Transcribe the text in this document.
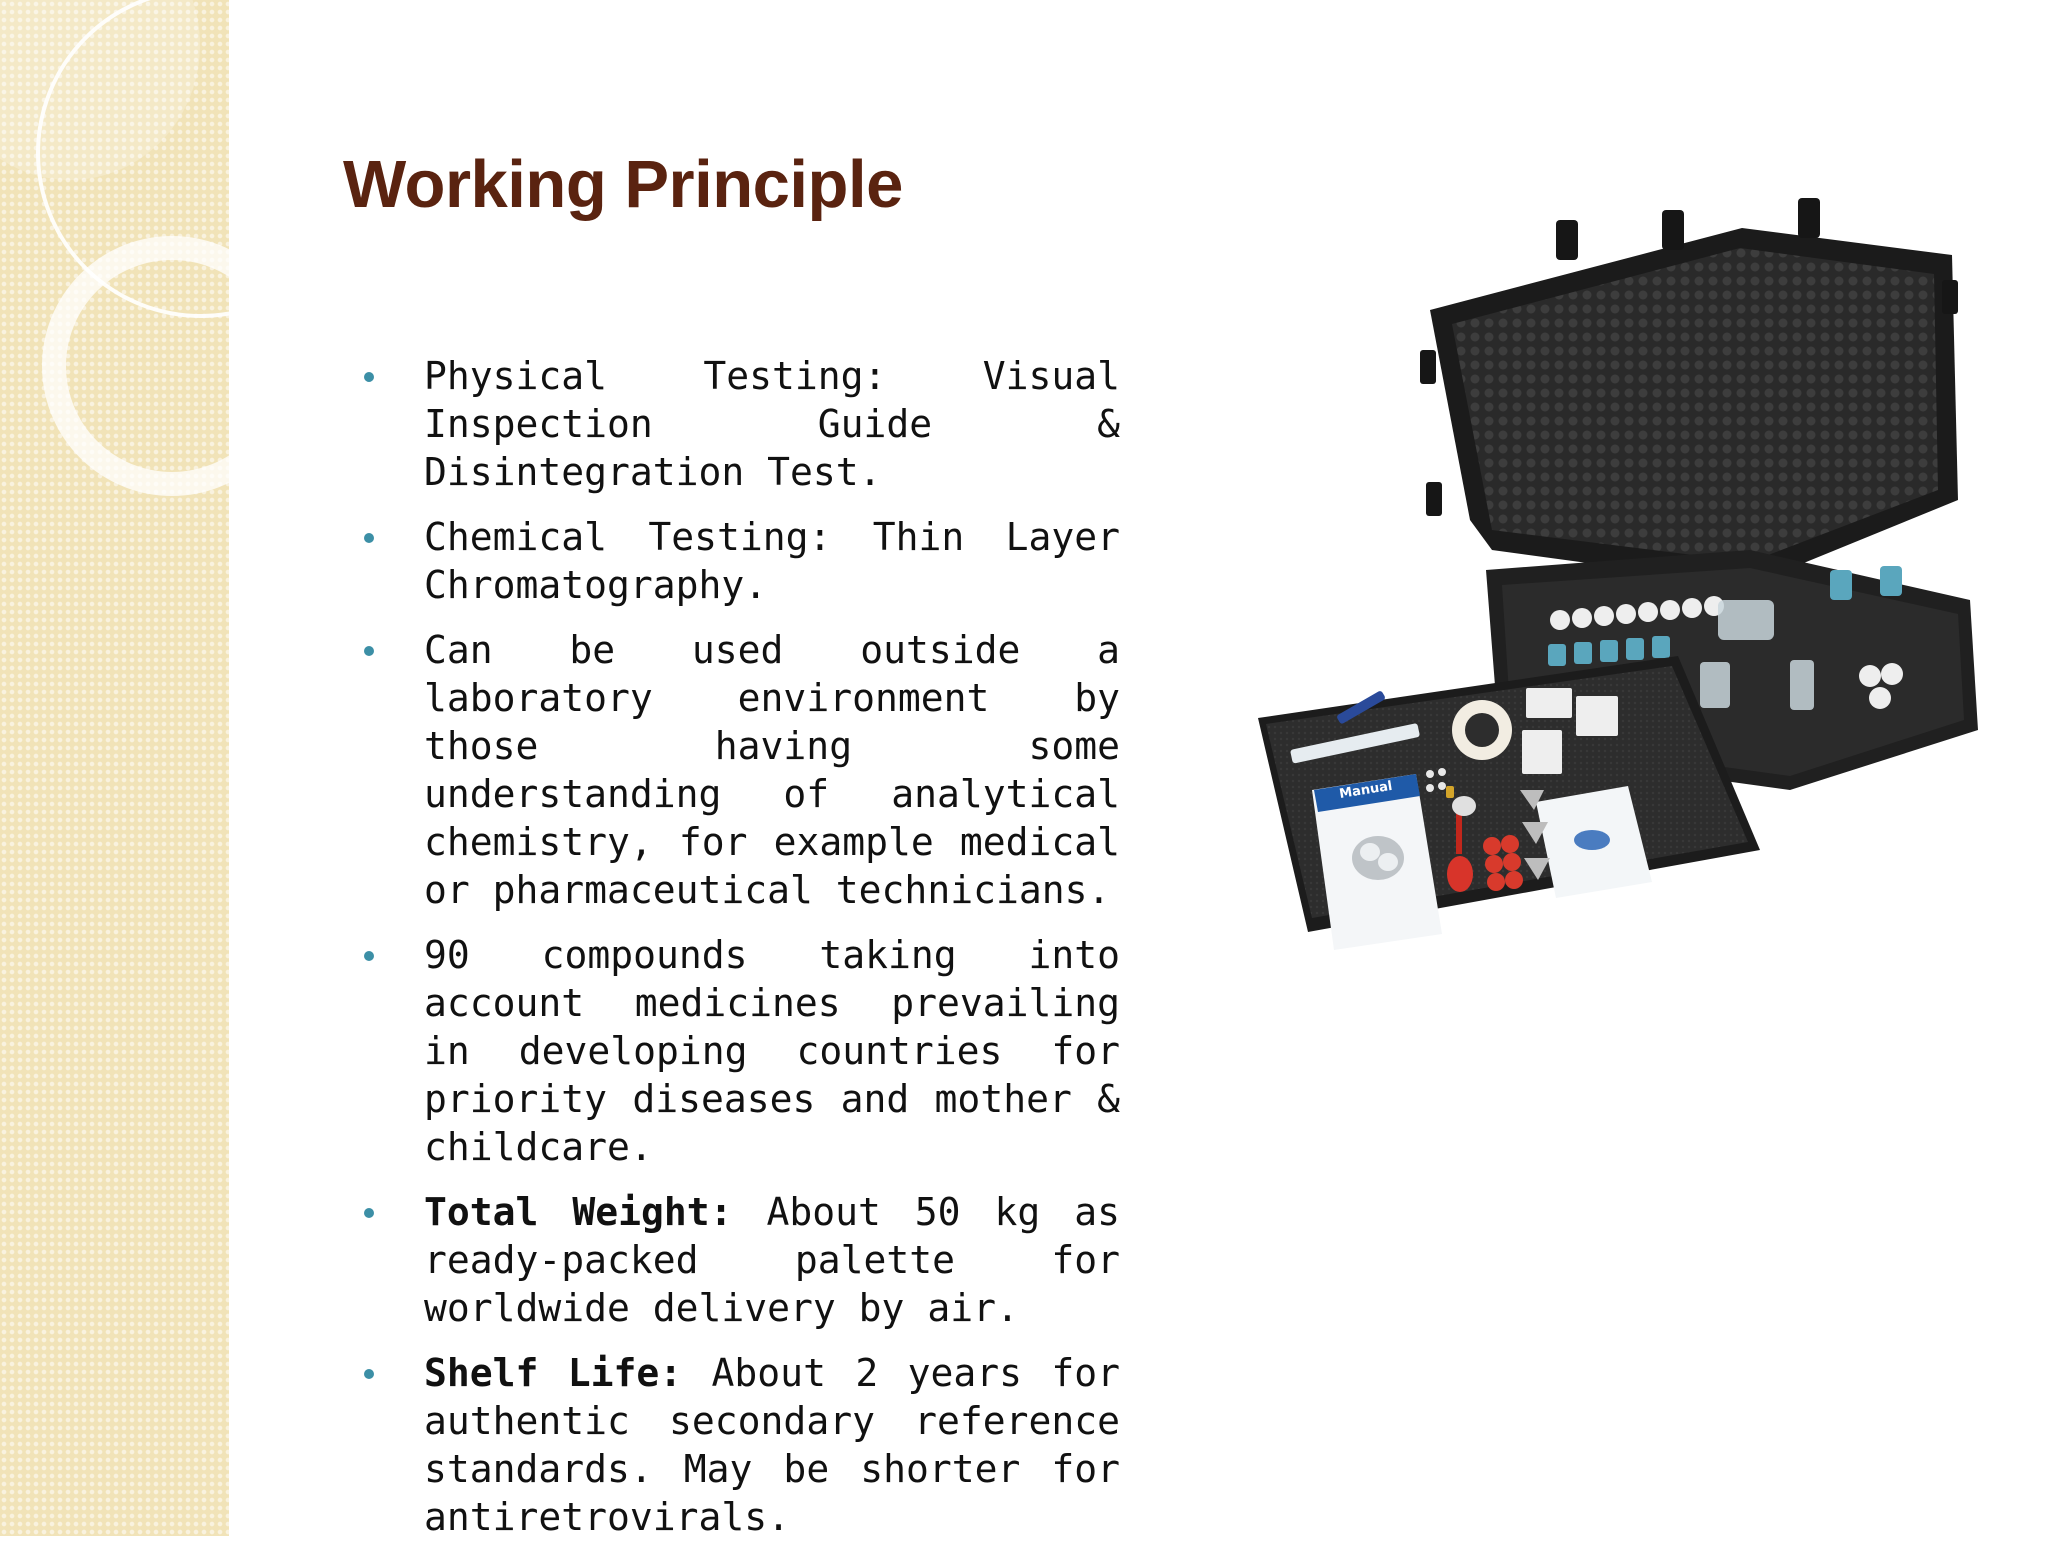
Working Principle
Physical Testing: Visual Inspection Guide & Disintegration Test.
Chemical Testing: Thin Layer Chromatography.
Can be used outside a laboratory environment by those having some understanding of analytical chemistry, for example medical or pharmaceutical technicians.
90 compounds taking into account medicines prevailing in developing countries for priority diseases and mother & childcare.
Total Weight: About 50 kg as ready-packed palette for worldwide delivery by air.
Shelf Life: About 2 years for authentic secondary reference standards. May be shorter for antiretrovirals.
Manual
